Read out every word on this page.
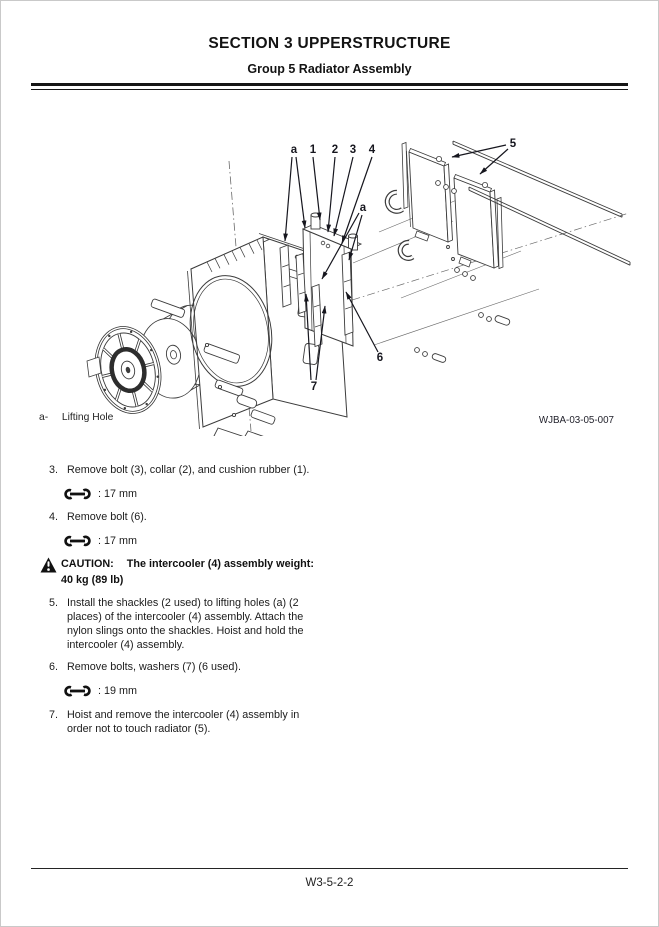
SECTION 3 UPPERSTRUCTURE
Group 5 Radiator Assembly
a 1 2 3 4
a
5
6
7
a- Lifting Hole	WJBA-03-05-007
3. Remove bolt (3), collar (2), and cushion rubber (1).
: 17 mm
4. Remove bolt (6).
: 17 mm
CAUTION: The intercooler (4) assembly weight:
40 kg (89 lb)
5. Install the shackles (2 used) to lifting holes (a) (2 places) of the intercooler (4) assembly. Attach the nylon slings onto the shackles. Hoist and hold the intercooler (4) assembly.
6. Remove bolts, washers (7) (6 used).
: 19 mm
7. Hoist and remove the intercooler (4) assembly in order not to touch radiator (5).
W3-5-2-2
